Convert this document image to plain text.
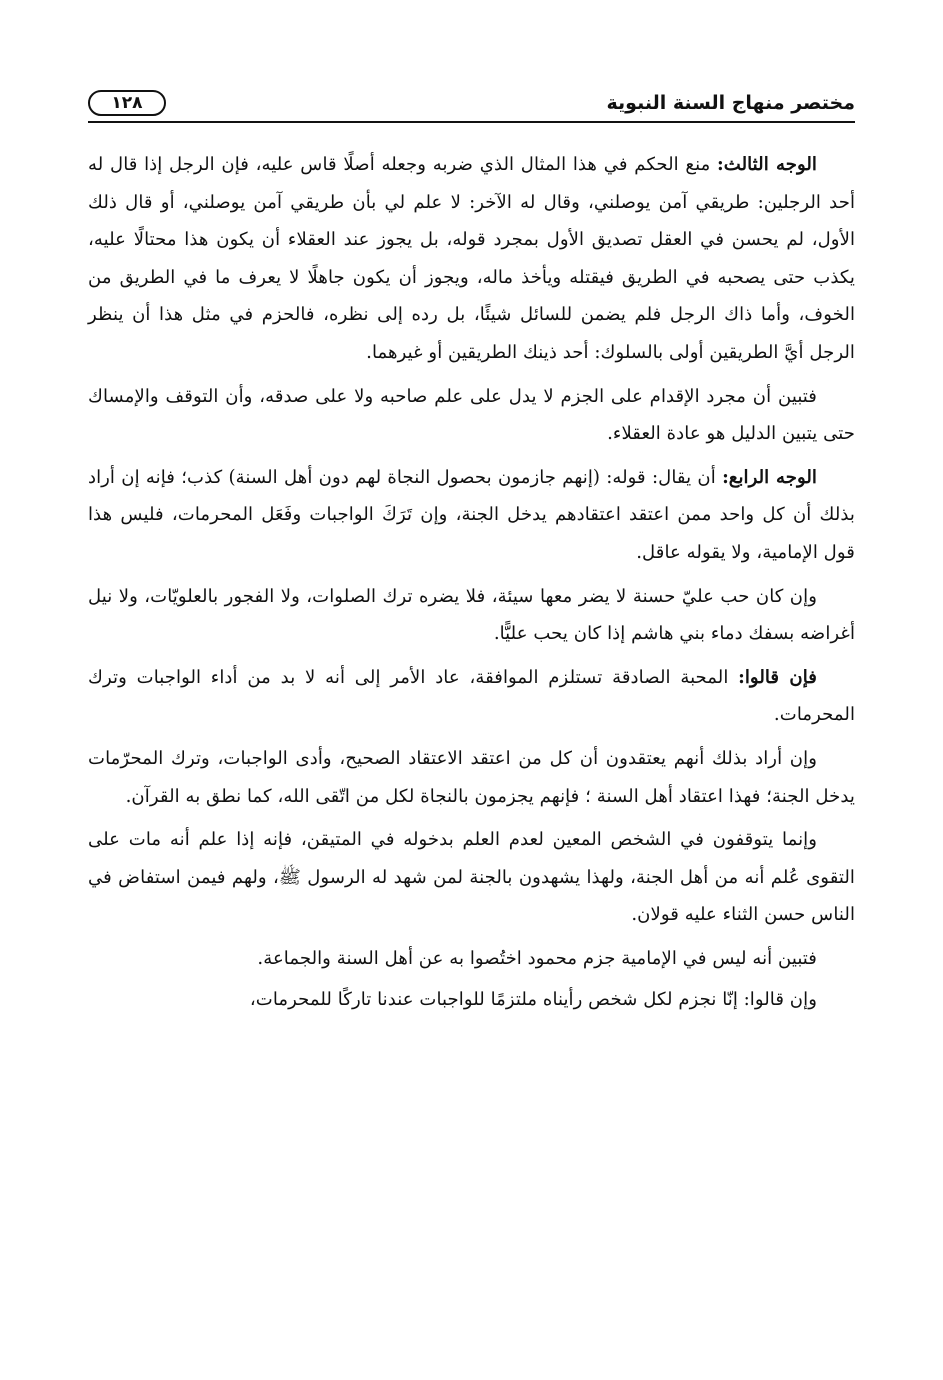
مختصر منهاج السنة النبوية
١٢٨

الوجه الثالث: منع الحكم في هذا المثال الذي ضربه وجعله أصلًا قاس عليه، فإن الرجل إذا قال له أحد الرجلين: طريقي آمن يوصلني، وقال له الآخر: لا علم لي بأن طريقي آمن يوصلني، أو قال ذلك الأول، لم يحسن في العقل تصديق الأول بمجرد قوله، بل يجوز عند العقلاء أن يكون هذا محتالًا عليه، يكذب حتى يصحبه في الطريق فيقتله ويأخذ ماله، ويجوز أن يكون جاهلًا لا يعرف ما في الطريق من الخوف، وأما ذاك الرجل فلم يضمن للسائل شيئًا، بل رده إلى نظره، فالحزم في مثل هذا أن ينظر الرجل أيَّ الطريقين أولى بالسلوك: أحد ذينك الطريقين أو غيرهما.

فتبين أن مجرد الإقدام على الجزم لا يدل على علم صاحبه ولا على صدقه، وأن التوقف والإمساك حتى يتبين الدليل هو عادة العقلاء.

الوجه الرابع: أن يقال: قوله: (إنهم جازمون بحصول النجاة لهم دون أهل السنة) كذب؛ فإنه إن أراد بذلك أن كل واحد ممن اعتقد اعتقادهم يدخل الجنة، وإن تَرَكَ الواجبات وفَعَل المحرمات، فليس هذا قول الإمامية، ولا يقوله عاقل.

وإن كان حب عليّ حسنة لا يضر معها سيئة، فلا يضره ترك الصلوات، ولا الفجور بالعلويّات، ولا نيل أغراضه بسفك دماء بني هاشم إذا كان يحب عليًّا.

فإن قالوا: المحبة الصادقة تستلزم الموافقة، عاد الأمر إلى أنه لا بد من أداء الواجبات وترك المحرمات.

وإن أراد بذلك أنهم يعتقدون أن كل من اعتقد الاعتقاد الصحيح، وأدى الواجبات، وترك المحرّمات يدخل الجنة؛ فهذا اعتقاد أهل السنة ؛ فإنهم يجزمون بالنجاة لكل من اتّقى الله، كما نطق به القرآن.

وإنما يتوقفون في الشخص المعين لعدم العلم بدخوله في المتيقن، فإنه إذا علم أنه مات على التقوى عُلم أنه من أهل الجنة، ولهذا يشهدون بالجنة لمن شهد له الرسول ﷺ، ولهم فيمن استفاض في الناس حسن الثناء عليه قولان.

فتبين أنه ليس في الإمامية جزم محمود اختُصوا به عن أهل السنة والجماعة.

وإن قالوا: إنّا نجزم لكل شخص رأيناه ملتزمًا للواجبات عندنا تاركًا للمحرمات،
